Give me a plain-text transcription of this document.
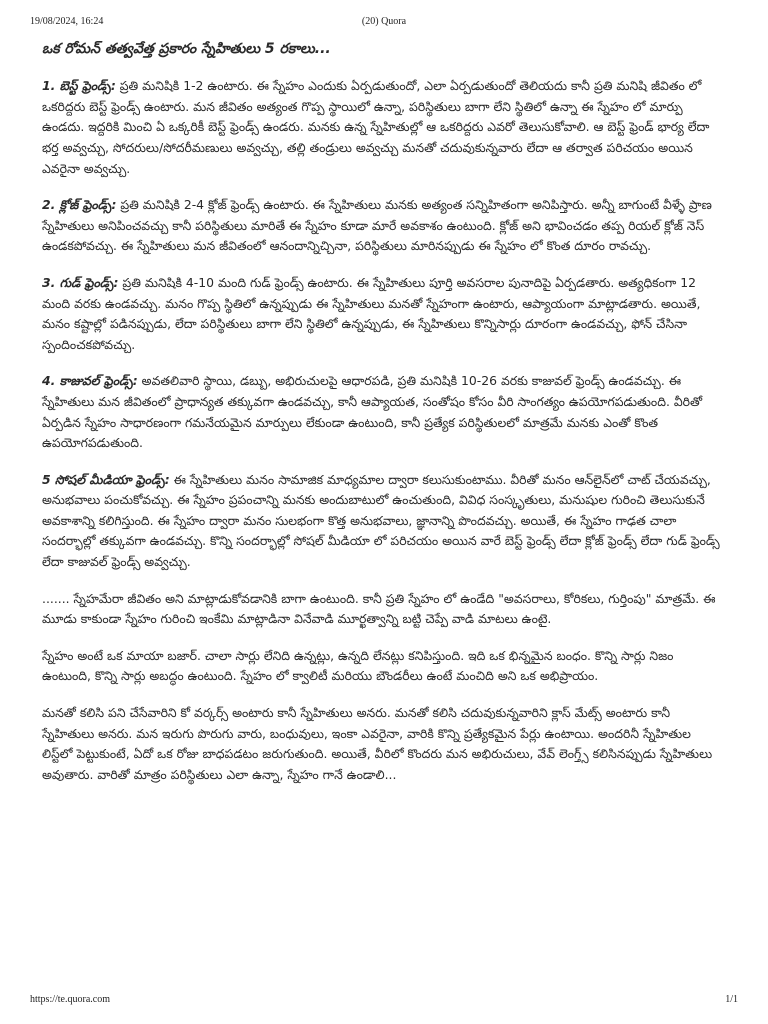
19/08/2024, 16:24	(20) Quora
ఒక రోమన్ తత్వవేత్త ప్రకారం స్నేహితులు 5 రకాలు...

1. బెస్ట్ ఫ్రెండ్స్: ప్రతి మనిషికి 1-2 ఉంటారు. ఈ స్నేహం ఎందుకు ఏర్పడుతుందో, ఎలా ఏర్పడుతుందో తెలియదు కానీ ప్రతి మనిషి జీవితం లో ఒకరిద్దరు బెస్ట్ ఫ్రెండ్స్ ఉంటారు. మన జీవితం అత్యంత గొప్ప స్థాయిలో ఉన్నా, పరిస్థితులు బాగా లేని స్థితిలో ఉన్నా ఈ స్నేహం లో మార్పు ఉండదు. ఇద్దరికి మించి ఏ ఒక్కరికీ బెస్ట్ ఫ్రెండ్స్ ఉండరు. మనకు ఉన్న స్నేహితుల్లో ఆ ఒకరిద్దరు ఎవరో తెలుసుకోవాలి. ఆ బెస్ట్ ఫ్రెండ్ భార్య లేదా భర్త అవ్వచ్చు, సోదరులు/సోదరీమణులు అవ్వచ్చు, తల్లి తండ్రులు అవ్వచ్చు మనతో చదువుకున్నవారు లేదా ఆ తర్వాత పరిచయం అయిన ఎవరైనా అవ్వచ్చు.

2. క్లోజ్ ఫ్రెండ్స్: ప్రతి మనిషికి 2-4 క్లోజ్ ఫ్రెండ్స్ ఉంటారు. ఈ స్నేహితులు మనకు అత్యంత సన్నిహితంగా అనిపిస్తారు. అన్నీ బాగుంటే వీళ్ళే ప్రాణ స్నేహితులు అనిపించవచ్చు కానీ పరిస్థితులు మారితే ఈ స్నేహం కూడా మారే అవకాశం ఉంటుంది. క్లోజ్ అని భావించడం తప్ప రియల్ క్లోజ్ నెస్ ఉండకపోవచ్చు. ఈ స్నేహితులు మన జీవితంలో ఆనందాన్నిచ్చినా, పరిస్థితులు మారినప్పుడు ఈ స్నేహం లో కొంత దూరం రావచ్చు.

3. గుడ్ ఫ్రెండ్స్: ప్రతి మనిషికి 4-10 మంది గుడ్ ఫ్రెండ్స్ ఉంటారు. ఈ స్నేహితులు పూర్తి అవసరాల పునాదిపై ఏర్పడతారు. అత్యధికంగా 12 మంది వరకు ఉండవచ్చు. మనం గొప్ప స్థితిలో ఉన్నప్పుడు ఈ స్నేహితులు మనతో స్నేహంగా ఉంటారు, ఆప్యాయంగా మాట్లాడతారు. అయితే, మనం కష్టాల్లో పడినప్పుడు, లేదా పరిస్థితులు బాగా లేని స్థితిలో ఉన్నప్పుడు, ఈ స్నేహితులు కొన్నిసార్లు దూరంగా ఉండవచ్చు, ఫోన్ చేసినా స్పందించకపోవచ్చు.

4. కాజువల్ ఫ్రెండ్స్: అవతలివారి స్థాయి, డబ్బు, అభిరుచులపై ఆధారపడి, ప్రతి మనిషికి 10-26 వరకు కాజువల్ ఫ్రెండ్స్ ఉండవచ్చు. ఈ స్నేహితులు మన జీవితంలో ప్రాధాన్యత తక్కువగా ఉండవచ్చు, కానీ ఆప్యాయత, సంతోషం కోసం వీరి సాంగత్యం ఉపయోగపడుతుంది. వీరితో ఏర్పడిన స్నేహం సాధారణంగా గమనేయమైన మార్పులు లేకుండా ఉంటుంది, కానీ ప్రత్యేక పరిస్థితులలో మాత్రమే మనకు ఎంతో కొంత ఉపయోగపడుతుంది.

5 సోషల్ మీడియా ఫ్రెండ్స్: ఈ స్నేహితులు మనం సామాజిక మాధ్యమాల ద్వారా కలుసుకుంటాము. వీరితో మనం ఆన్‌లైన్‌లో చాట్ చేయవచ్చు, అనుభవాలు పంచుకోవచ్చు. ఈ స్నేహం ప్రపంచాన్ని మనకు అందుబాటులో ఉంచుతుంది, వివిధ సంస్కృతులు, మనుషుల గురించి తెలుసుకునే అవకాశాన్ని కలిగిస్తుంది. ఈ స్నేహం ద్వారా మనం సులభంగా కొత్త అనుభవాలు, జ్ఞానాన్ని పొందవచ్చు. అయితే, ఈ స్నేహం గాఢత చాలా సందర్భాల్లో తక్కువగా ఉండవచ్చు. కొన్ని సందర్భాల్లో సోషల్ మీడియా లో పరిచయం అయిన వారే బెస్ట్ ఫ్రెండ్స్ లేదా క్లోజ్ ఫ్రెండ్స్ లేదా గుడ్ ఫ్రెండ్స్ లేదా కాజువల్ ఫ్రెండ్స్ అవ్వచ్చు.

....... స్నేహమేరా జీవితం అని మాట్లాడుకోవడానికి బాగా ఉంటుంది. కానీ ప్రతి స్నేహం లో ఉండేది "అవసరాలు, కోరికలు, గుర్తింపు" మాత్రమే. ఈ మూడు కాకుండా స్నేహం గురించి ఇంకేమి మాట్లాడినా వినేవాడి మూర్ఖత్వాన్ని బట్టి చెప్పే వాడి మాటలు ఉంటై.

స్నేహం అంటే ఒక మాయా బజార్. చాలా సార్లు లేనిది ఉన్నట్లు, ఉన్నది లేనట్లు కనిపిస్తుంది. ఇది ఒక భిన్నమైన బంధం. కొన్ని సార్లు నిజం ఉంటుంది, కొన్ని సార్లు అబద్ధం ఉంటుంది. స్నేహం లో క్వాలిటీ మరియు బౌండరీలు ఉంటే మంచిది అని ఒక అభిప్రాయం.

మనతో కలిసి పని చేసేవారిని కో వర్కర్స్ అంటారు కానీ స్నేహితులు అనరు. మనతో కలిసి చదువుకున్నవారిని క్లాస్ మేట్స్ అంటారు కానీ స్నేహితులు అనరు. మన ఇరుగు పొరుగు వారు, బంధువులు, ఇంకా ఎవరైనా, వారికి కొన్ని ప్రత్యేకమైన పేర్లు ఉంటాయి. అందరినీ స్నేహితుల లిస్ట్‌లో పెట్టుకుంటే, ఏదో ఒక రోజు బాధపడటం జరుగుతుంది. అయితే, వీరిలో కొందరు మన అభిరుచులు, వేవ్ లెంగ్త్స్ కలిసినప్పుడు స్నేహితులు అవుతారు. వారితో మాత్రం పరిస్థితులు ఎలా ఉన్నా, స్నేహం గానే ఉండాలి...

https://te.quora.com	1/1
